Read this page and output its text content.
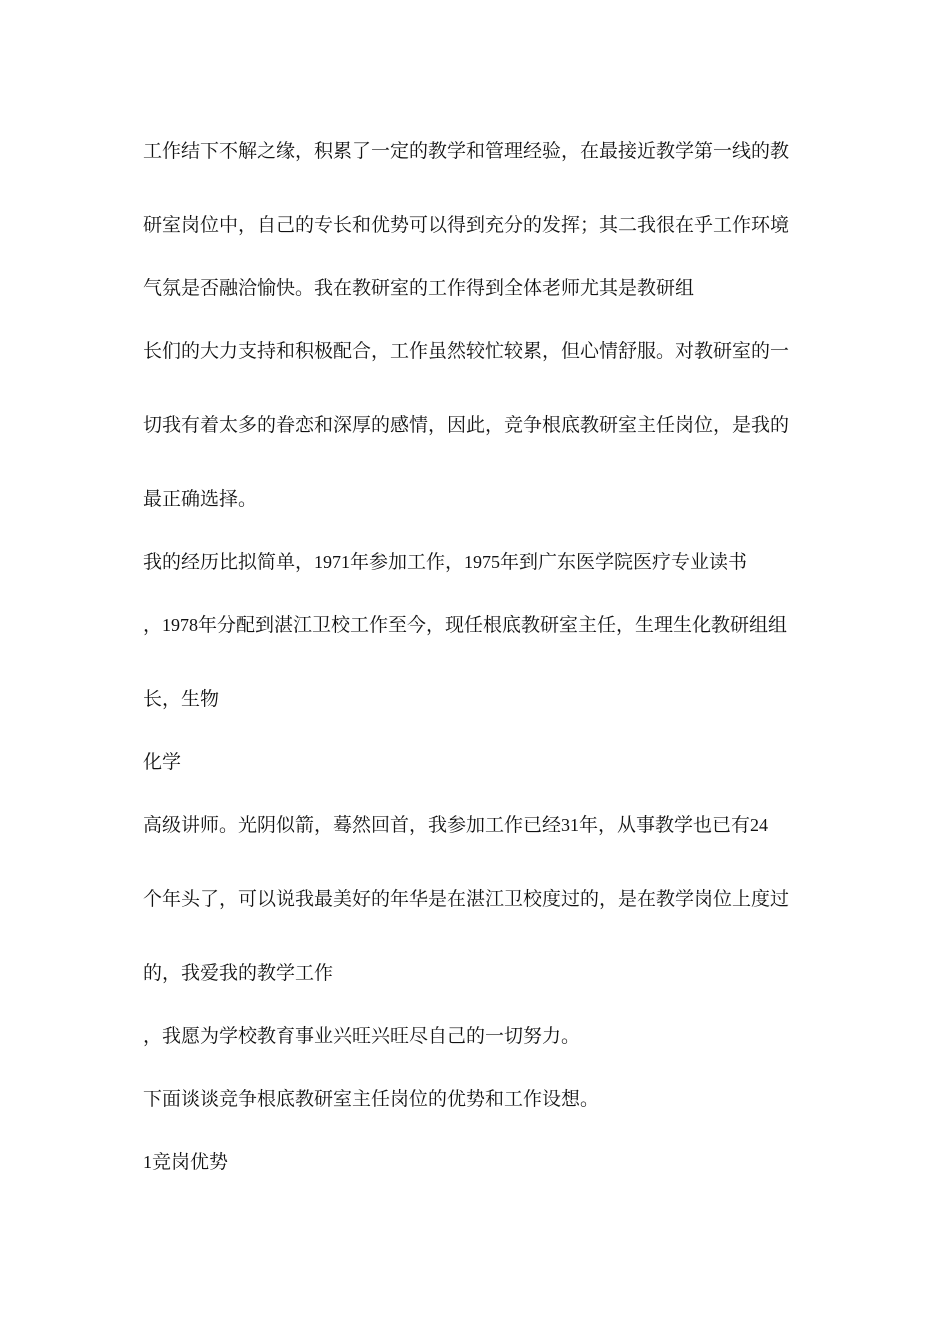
工作结下不解之缘，积累了一定的教学和管理经验，在最接近教学第一线的教
研室岗位中，自己的专长和优势可以得到充分的发挥；其二我很在乎工作环境
气氛是否融洽愉快。我在教研室的工作得到全体老师尤其是教研组
长们的大力支持和积极配合，工作虽然较忙较累，但心情舒服。对教研室的一
切我有着太多的眷恋和深厚的感情，因此，竞争根底教研室主任岗位，是我的
最正确选择。
我的经历比拟简单，1971年参加工作，1975年到广东医学院医疗专业读书
，1978年分配到湛江卫校工作至今，现任根底教研室主任，生理生化教研组组
长，生物
化学
高级讲师。光阴似箭，蓦然回首，我参加工作已经31年，从事教学也已有24
个年头了，可以说我最美好的年华是在湛江卫校度过的，是在教学岗位上度过
的，我爱我的教学工作
，我愿为学校教育事业兴旺兴旺尽自己的一切努力。
下面谈谈竞争根底教研室主任岗位的优势和工作设想。
1竞岗优势
